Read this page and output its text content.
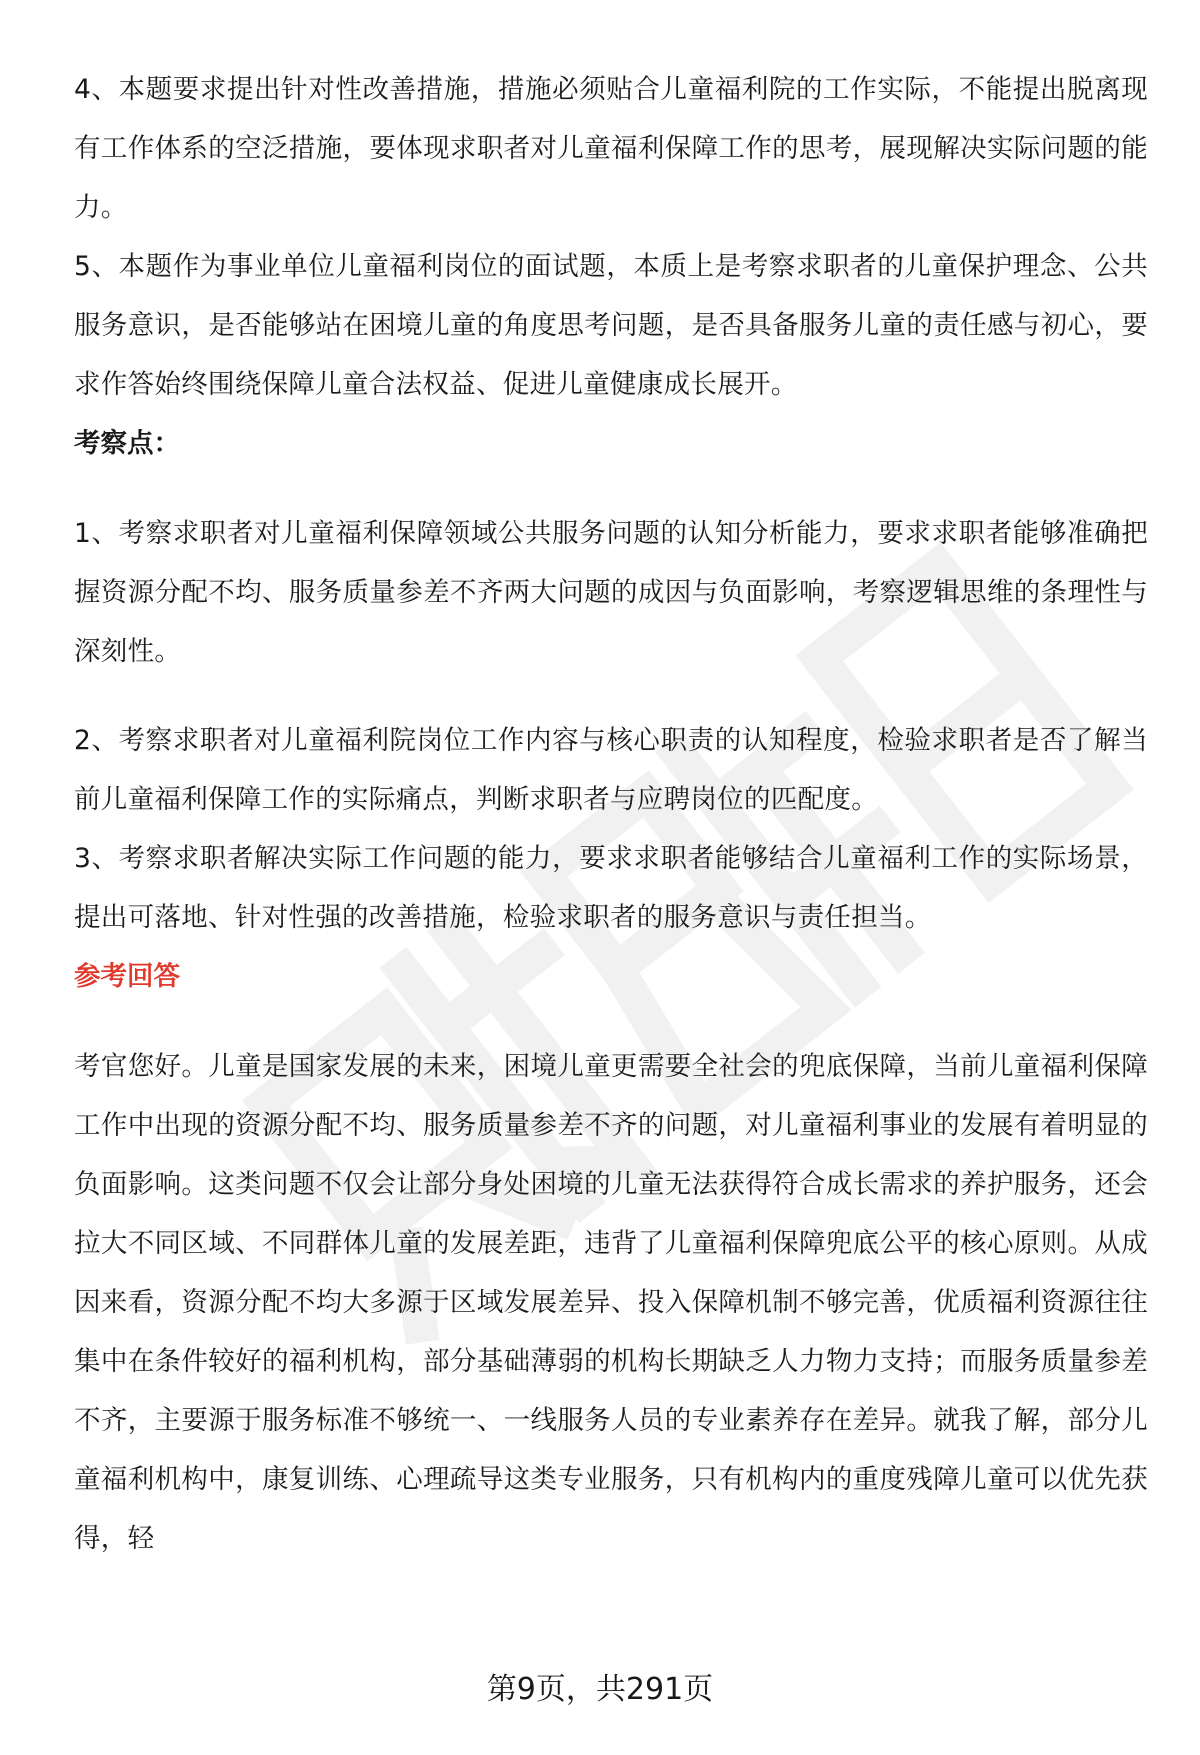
4、本题要求提出针对性改善措施，措施必须贴合儿童福利院的工作实际，不能提出脱离现有工作体系的空泛措施，要体现求职者对儿童福利保障工作的思考，展现解决实际问题的能力。

5、本题作为事业单位儿童福利岗位的面试题，本质上是考察求职者的儿童保护理念、公共服务意识，是否能够站在困境儿童的角度思考问题，是否具备服务儿童的责任感与初心，要求作答始终围绕保障儿童合法权益、促进儿童健康成长展开。

考察点：

1、考察求职者对儿童福利保障领域公共服务问题的认知分析能力，要求求职者能够准确把握资源分配不均、服务质量参差不齐两大问题的成因与负面影响，考察逻辑思维的条理性与深刻性。

2、考察求职者对儿童福利院岗位工作内容与核心职责的认知程度，检验求职者是否了解当前儿童福利保障工作的实际痛点，判断求职者与应聘岗位的匹配度。

3、考察求职者解决实际工作问题的能力，要求求职者能够结合儿童福利工作的实际场景，提出可落地、针对性强的改善措施，检验求职者的服务意识与责任担当。

参考回答

考官您好。儿童是国家发展的未来，困境儿童更需要全社会的兜底保障，当前儿童福利保障工作中出现的资源分配不均、服务质量参差不齐的问题，对儿童福利事业的发展有着明显的负面影响。这类问题不仅会让部分身处困境的儿童无法获得符合成长需求的养护服务，还会拉大不同区域、不同群体儿童的发展差距，违背了儿童福利保障兜底公平的核心原则。从成因来看，资源分配不均大多源于区域发展差异、投入保障机制不够完善，优质福利资源往往集中在条件较好的福利机构，部分基础薄弱的机构长期缺乏人力物力支持；而服务质量参差不齐，主要源于服务标准不够统一、一线服务人员的专业素养存在差异。就我了解，部分儿童福利机构中，康复训练、心理疏导这类专业服务，只有机构内的重度残障儿童可以优先获得，轻

第9页，共291页
